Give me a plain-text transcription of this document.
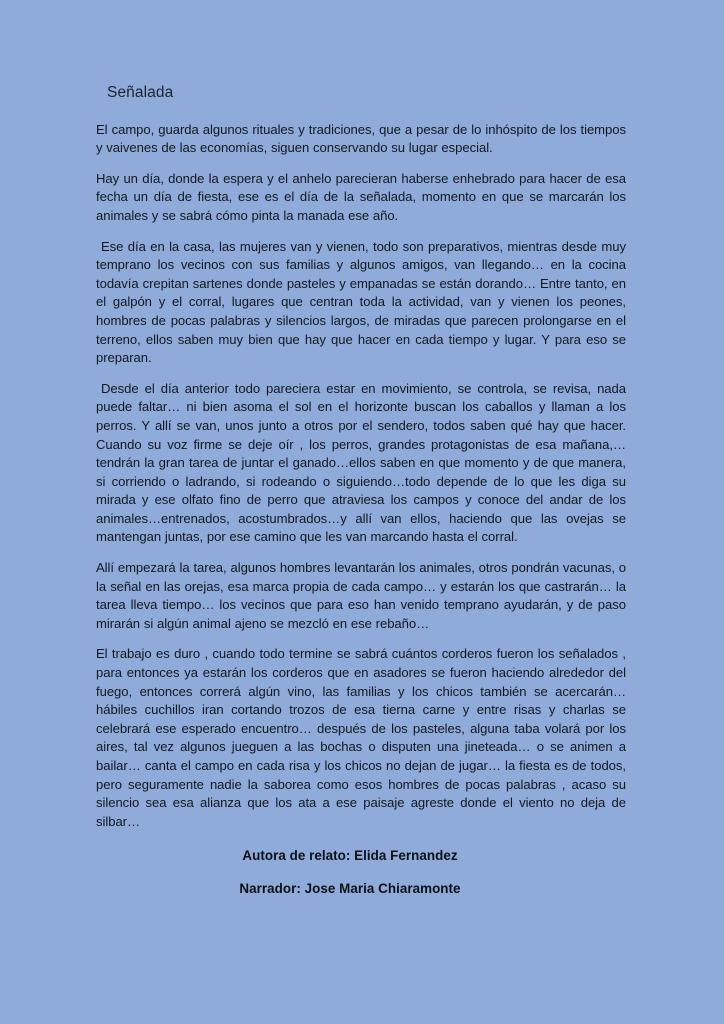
Señalada

El campo, guarda algunos rituales y tradiciones, que a pesar de lo inhóspito de los tiempos y vaivenes de las economías, siguen conservando su lugar especial.

Hay un día, donde la espera y el anhelo parecieran haberse enhebrado para hacer de esa fecha un día de fiesta, ese es el día de la señalada, momento en que se marcarán los animales y se sabrá cómo pinta la manada ese año.

Ese día en la casa, las mujeres van y vienen, todo son preparativos, mientras desde muy temprano los vecinos con sus familias y algunos amigos, van llegando… en la cocina todavía crepitan sartenes donde pasteles y empanadas se están dorando… Entre tanto, en el galpón y el corral, lugares que centran toda la actividad, van y vienen los peones, hombres de pocas palabras y silencios largos, de miradas que parecen prolongarse en el terreno, ellos saben muy bien que hay que hacer en cada tiempo y lugar. Y para eso se preparan.

Desde el día anterior todo pareciera estar en movimiento, se controla, se revisa, nada puede faltar… ni bien asoma el sol en el horizonte buscan los caballos y llaman a los perros. Y allí se van, unos junto a otros por el sendero, todos saben qué hay que hacer. Cuando su voz firme se deje oír , los perros, grandes protagonistas de esa mañana,… tendrán la gran tarea de juntar el ganado…ellos saben en que momento y de que manera, si corriendo o ladrando, si rodeando o siguiendo…todo depende de lo que les diga su mirada y ese olfato fino de perro que atraviesa los campos y conoce del andar de los animales…entrenados, acostumbrados…y allí van ellos, haciendo que las ovejas se mantengan juntas, por ese camino que les van marcando hasta el corral.

Allí empezará la tarea, algunos hombres levantarán los animales, otros pondrán vacunas, o la señal en las orejas, esa marca propia de cada campo… y estarán los que castrarán… la tarea lleva tiempo… los vecinos que para eso han venido temprano ayudarán, y de paso mirarán si algún animal ajeno se mezcló en ese rebaño…

El trabajo es duro , cuando todo termine se sabrá cuántos corderos fueron los señalados , para entonces ya estarán los corderos que en asadores se fueron haciendo alrededor del fuego, entonces correrá algún vino, las familias y los chicos también se acercarán… hábiles cuchillos iran cortando trozos de esa tierna carne y entre risas y charlas se celebrará ese esperado encuentro… después de los pasteles, alguna taba volará por los aires, tal vez algunos jueguen a las bochas o disputen una jineteada… o se animen a bailar… canta el campo en cada risa y los chicos no dejan de jugar… la fiesta es de todos, pero seguramente nadie la saborea como esos hombres de pocas palabras , acaso su silencio sea esa alianza que los ata a ese paisaje agreste donde el viento no deja de silbar…

Autora de relato: Elida Fernandez

Narrador: Jose Maria Chiaramonte
